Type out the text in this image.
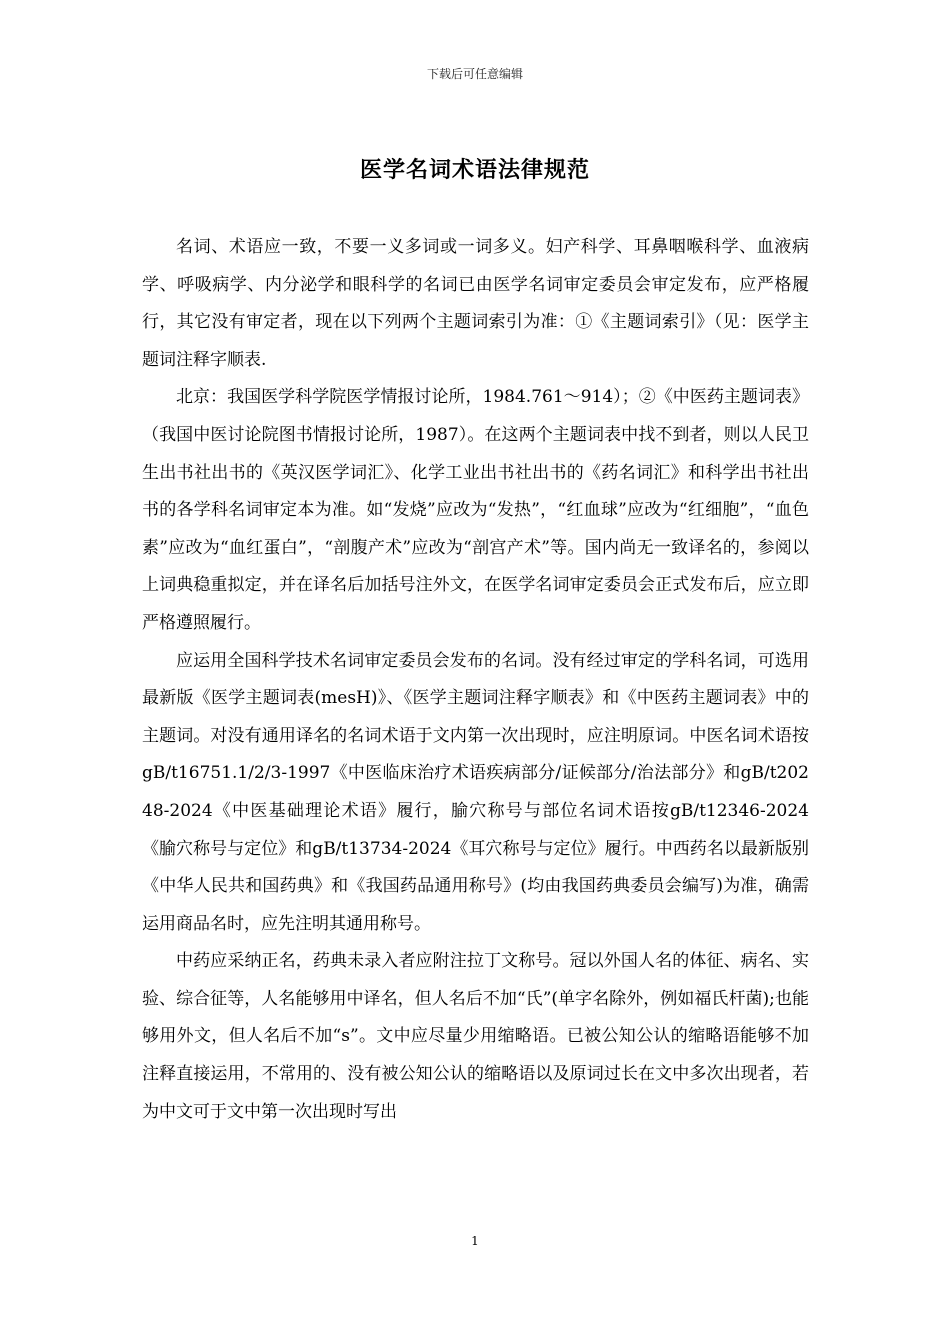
下载后可任意编辑
医学名词术语法律规范

名词、术语应一致，不要一义多词或一词多义。妇产科学、耳鼻咽喉科学、血液病学、呼吸病学、内分泌学和眼科学的名词已由医学名词审定委员会审定发布，应严格履行，其它没有审定者，现在以下列两个主题词索引为准：①《主题词索引》（见：医学主题词注释字顺表.

北京：我国医学科学院医学情报讨论所，1984.761～914）；②《中医药主题词表》（我国中医讨论院图书情报讨论所，1987）。在这两个主题词表中找不到者，则以人民卫生出书社出书的《英汉医学词汇》、化学工业出书社出书的《药名词汇》和科学出书社出书的各学科名词审定本为准。如“发烧”应改为“发热”，“红血球”应改为“红细胞”，“血色素”应改为“血红蛋白”，“剖腹产术”应改为“剖宫产术”等。国内尚无一致译名的，参阅以上词典稳重拟定，并在译名后加括号注外文，在医学名词审定委员会正式发布后，应立即严格遵照履行。

应运用全国科学技术名词审定委员会发布的名词。没有经过审定的学科名词，可选用最新版《医学主题词表(mesH)》、《医学主题词注释字顺表》和《中医药主题词表》中的主题词。对没有通用译名的名词术语于文内第一次出现时，应注明原词。中医名词术语按gB/t16751.1/2/3-1997《中医临床治疗术语疾病部分/证候部分/治法部分》和gB/t20248-2024《中医基础理论术语》履行，腧穴称号与部位名词术语按gB/t12346-2024《腧穴称号与定位》和gB/t13734-2024《耳穴称号与定位》履行。中西药名以最新版别《中华人民共和国药典》和《我国药品通用称号》(均由我国药典委员会编写)为准，确需运用商品名时，应先注明其通用称号。

中药应采纳正名，药典未录入者应附注拉丁文称号。冠以外国人名的体征、病名、实验、综合征等，人名能够用中译名，但人名后不加“氏”(单字名除外，例如福氏杆菌);也能够用外文，但人名后不加“s”。文中应尽量少用缩略语。已被公知公认的缩略语能够不加注释直接运用，不常用的、没有被公知公认的缩略语以及原词过长在文中多次出现者，若为中文可于文中第一次出现时写出

1
